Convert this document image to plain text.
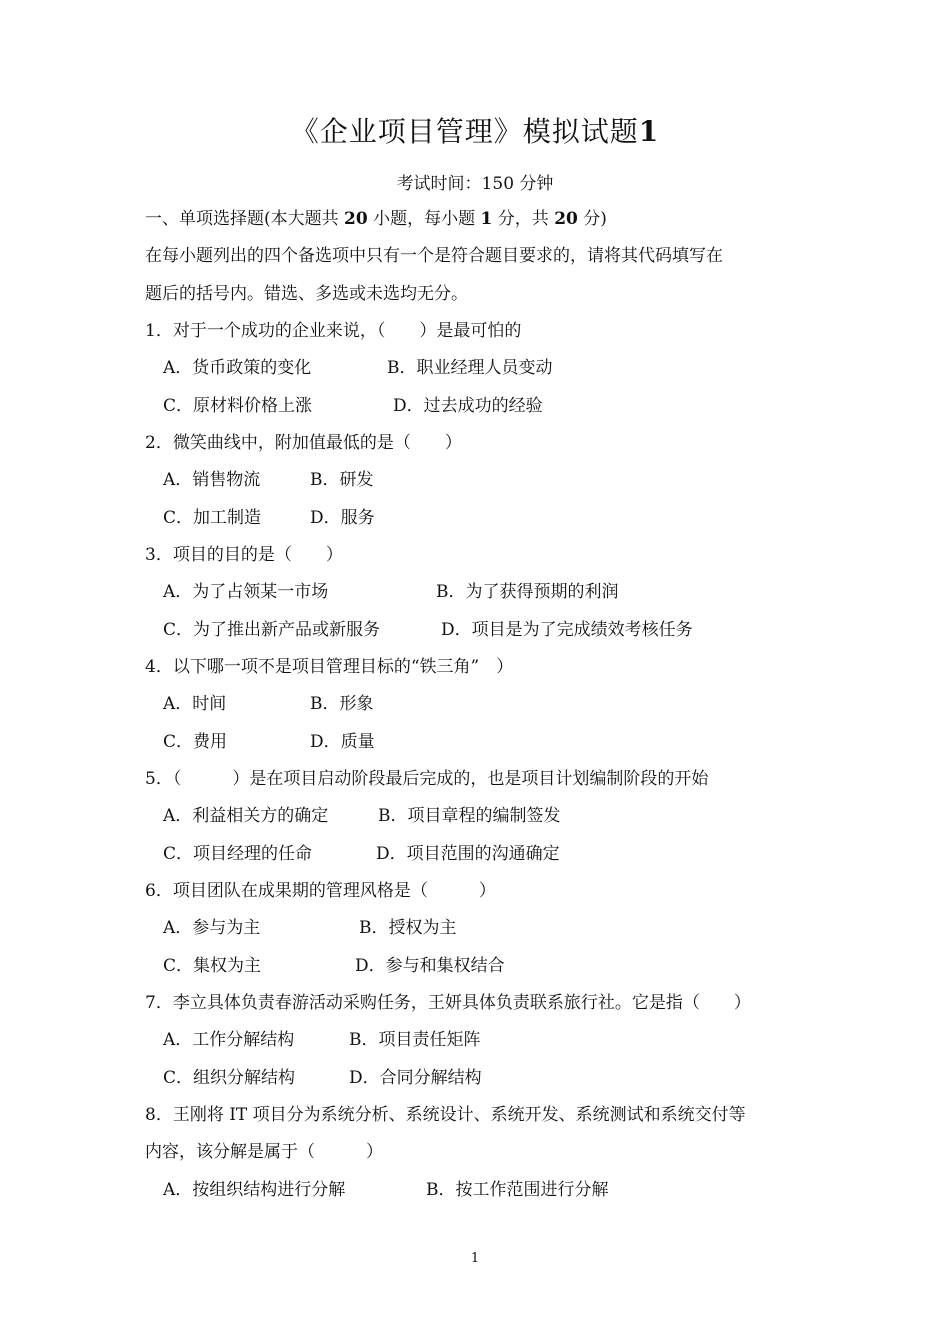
《企业项目管理》模拟试题1
考试时间：150 分钟
一、单项选择题(本大题共 20 小题，每小题 1 分，共 20 分)
在每小题列出的四个备选项中只有一个是符合题目要求的，请将其代码填写在
题后的括号内。错选、多选或未选均无分。
1．对于一个成功的企业来说，（　　）是最可怕的
A．货币政策的变化	B．职业经理人员变动
C．原材料价格上涨	D．过去成功的经验
2．微笑曲线中，附加值最低的是（　　）
A．销售物流	B．研发
C．加工制造	D．服务
3．项目的目的是（　　）
A．为了占领某一市场	B．为了获得预期的利润
C．为了推出新产品或新服务	D．项目是为了完成绩效考核任务
4．以下哪一项不是项目管理目标的“铁三角”　）
A．时间	B．形象
C．费用	D．质量
5．（　　　）是在项目启动阶段最后完成的，也是项目计划编制阶段的开始
A．利益相关方的确定	B．项目章程的编制签发
C．项目经理的任命	D．项目范围的沟通确定
6．项目团队在成果期的管理风格是（　　　）
A．参与为主	B．授权为主
C．集权为主	D．参与和集权结合
7．李立具体负责春游活动采购任务，王妍具体负责联系旅行社。它是指（　　）
A．工作分解结构	B．项目责任矩阵
C．组织分解结构	D．合同分解结构
8．王刚将 IT 项目分为系统分析、系统设计、系统开发、系统测试和系统交付等
内容，该分解是属于（　　　）
A．按组织结构进行分解	B．按工作范围进行分解
1
